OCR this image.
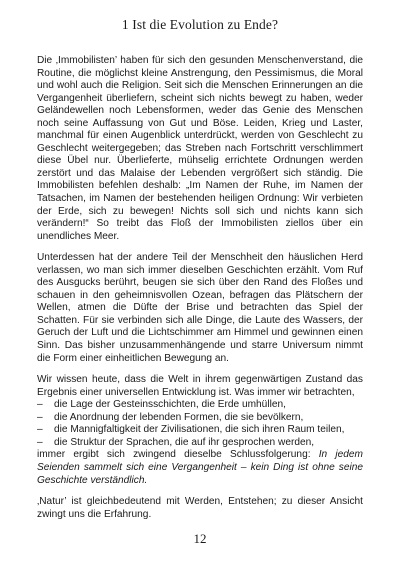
1 Ist die Evolution zu Ende?

Die ‚Immobilisten’ haben für sich den gesunden Menschenverstand, die Routine, die möglichst kleine Anstrengung, den Pessimismus, die Moral und wohl auch die Religion. Seit sich die Menschen Erinnerungen an die Vergangenheit überliefern, scheint sich nichts bewegt zu haben, weder Geländewellen noch Lebensformen, weder das Genie des Menschen noch seine Auffassung von Gut und Böse. Leiden, Krieg und Laster, manchmal für einen Augenblick unterdrückt, werden von Geschlecht zu Geschlecht weitergegeben; das Streben nach Fortschritt verschlimmert diese Übel nur. Überlieferte, mühselig errichtete Ordnungen werden zerstört und das Malaise der Lebenden vergrößert sich ständig. Die Immobilisten befehlen deshalb: „Im Namen der Ruhe, im Namen der Tatsachen, im Namen der bestehenden heiligen Ordnung: Wir verbieten der Erde, sich zu bewegen! Nichts soll sich und nichts kann sich verändern!“ So treibt das Floß der Immobilisten ziellos über ein unendliches Meer.

Unterdessen hat der andere Teil der Menschheit den häuslichen Herd verlassen, wo man sich immer dieselben Geschichten erzählt. Vom Ruf des Ausgucks berührt, beugen sie sich über den Rand des Floßes und schauen in den geheimnisvollen Ozean, befragen das Plätschern der Wellen, atmen die Düfte der Brise und betrachten das Spiel der Schatten. Für sie verbinden sich alle Dinge, die Laute des Wassers, der Geruch der Luft und die Lichtschimmer am Himmel und gewinnen einen Sinn. Das bisher unzusammenhängende und starre Universum nimmt die Form einer einheitlichen Bewegung an.

Wir wissen heute, dass die Welt in ihrem gegenwärtigen Zustand das Ergebnis einer universellen Entwicklung ist. Was immer wir betrachten,

– die Lage der Gesteinsschichten, die Erde umhüllen,
– die Anordnung der lebenden Formen, die sie bevölkern,
– die Mannigfaltigkeit der Zivilisationen, die sich ihren Raum teilen,
– die Struktur der Sprachen, die auf ihr gesprochen werden,

immer ergibt sich zwingend dieselbe Schlussfolgerung: In jedem Seienden sammelt sich eine Vergangenheit – kein Ding ist ohne seine Geschichte verständlich.

‚Natur’ ist gleichbedeutend mit Werden, Entstehen; zu dieser Ansicht zwingt uns die Erfahrung.

12
